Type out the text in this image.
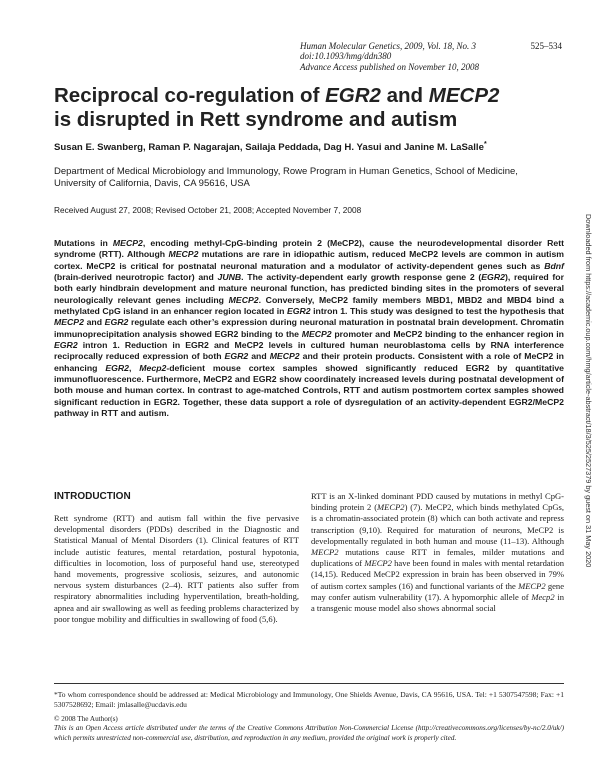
Human Molecular Genetics, 2009, Vol. 18, No. 3	525–534
doi:10.1093/hmg/ddn380
Advance Access published on November 10, 2008
Reciprocal co-regulation of EGR2 and MECP2
is disrupted in Rett syndrome and autism
Susan E. Swanberg, Raman P. Nagarajan, Sailaja Peddada, Dag H. Yasui and Janine M. LaSalle*
Department of Medical Microbiology and Immunology, Rowe Program in Human Genetics, School of Medicine,
University of California, Davis, CA 95616, USA
Received August 27, 2008; Revised October 21, 2008; Accepted November 7, 2008
Mutations in MECP2, encoding methyl-CpG-binding protein 2 (MeCP2), cause the neurodevelopmental disorder Rett syndrome (RTT). Although MECP2 mutations are rare in idiopathic autism, reduced MeCP2 levels are common in autism cortex. MeCP2 is critical for postnatal neuronal maturation and a modulator of activity-dependent genes such as Bdnf (brain-derived neurotropic factor) and JUNB. The activity-dependent early growth response gene 2 (EGR2), required for both early hindbrain development and mature neuronal function, has predicted binding sites in the promoters of several neurologically relevant genes including MECP2. Conversely, MeCP2 family members MBD1, MBD2 and MBD4 bind a methylated CpG island in an enhancer region located in EGR2 intron 1. This study was designed to test the hypothesis that MECP2 and EGR2 regulate each other’s expression during neuronal maturation in postnatal brain development. Chromatin immunoprecipitation analysis showed EGR2 binding to the MECP2 promoter and MeCP2 binding to the enhancer region in EGR2 intron 1. Reduction in EGR2 and MeCP2 levels in cultured human neuroblastoma cells by RNA interference reciprocally reduced expression of both EGR2 and MECP2 and their protein products. Consistent with a role of MeCP2 in enhancing EGR2, Mecp2-deficient mouse cortex samples showed significantly reduced EGR2 by quantitative immunofluorescence. Furthermore, MeCP2 and EGR2 show coordinately increased levels during postnatal development of both mouse and human cortex. In contrast to age-matched Controls, RTT and autism postmortem cortex samples showed significant reduction in EGR2. Together, these data support a role of dysregulation of an activity-dependent EGR2/MeCP2 pathway in RTT and autism.
INTRODUCTION
Rett syndrome (RTT) and autism fall within the five pervasive developmental disorders (PDDs) described in the Diagnostic and Statistical Manual of Mental Disorders (1). Clinical features of RTT include autistic features, mental retardation, postural hypotonia, difficulties in locomotion, loss of purposeful hand use, stereotyped hand movements, progressive scoliosis, seizures, and autonomic nervous system disturbances (2–4). RTT patients also suffer from respiratory abnormalities including hyperventilation, breath-holding, apnea and air swallowing as well as feeding problems characterized by poor tongue mobility and difficulties in swallowing of food (5,6).
RTT is an X-linked dominant PDD caused by mutations in methyl CpG-binding protein 2 (MECP2) (7). MeCP2, which binds methylated CpGs, is a chromatin-associated protein (8) which can both activate and repress transcription (9,10). Required for maturation of neurons, MeCP2 is developmentally regulated in both human and mouse (11–13). Although MECP2 mutations cause RTT in females, milder mutations and duplications of MECP2 have been found in males with mental retardation (14,15). Reduced MeCP2 expression in brain has been observed in 79% of autism cortex samples (16) and functional variants of the MECP2 gene may confer autism vulnerability (17). A hypomorphic allele of Mecp2 in a transgenic mouse model also shows abnormal social
*To whom correspondence should be addressed at: Medical Microbiology and Immunology, One Shields Avenue, Davis, CA 95616, USA. Tel: +1 5307547598; Fax: +1 5307528692; Email: jmlasalle@ucdavis.edu
© 2008 The Author(s)
This is an Open Access article distributed under the terms of the Creative Commons Attribution Non-Commercial License (http://creativecommons.org/licenses/by-nc/2.0/uk/) which permits unrestricted non-commercial use, distribution, and reproduction in any medium, provided the original work is properly cited.
Downloaded from https://academic.oup.com/hmg/article-abstract/18/3/525/2527379 by guest on 31 May 2020
